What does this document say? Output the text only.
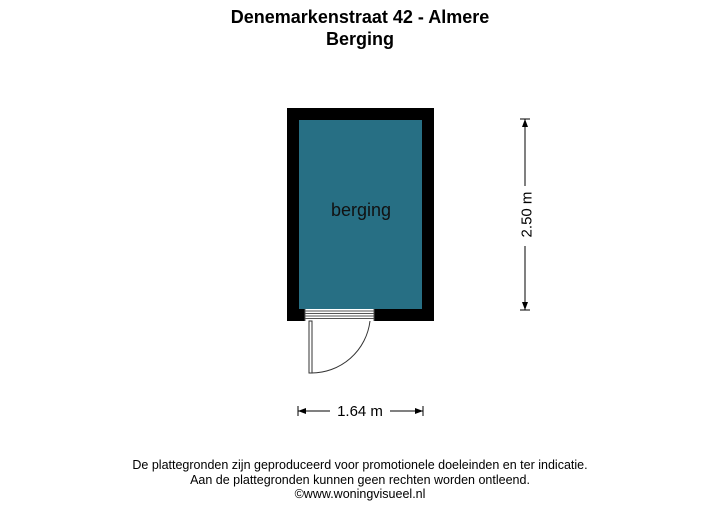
Denemarkenstraat 42 - Almere
Berging
berging
1.64 m
2.50 m
De plattegronden zijn geproduceerd voor promotionele doeleinden en ter indicatie.
Aan de plattegronden kunnen geen rechten worden ontleend.
©www.woningvisueel.nl
